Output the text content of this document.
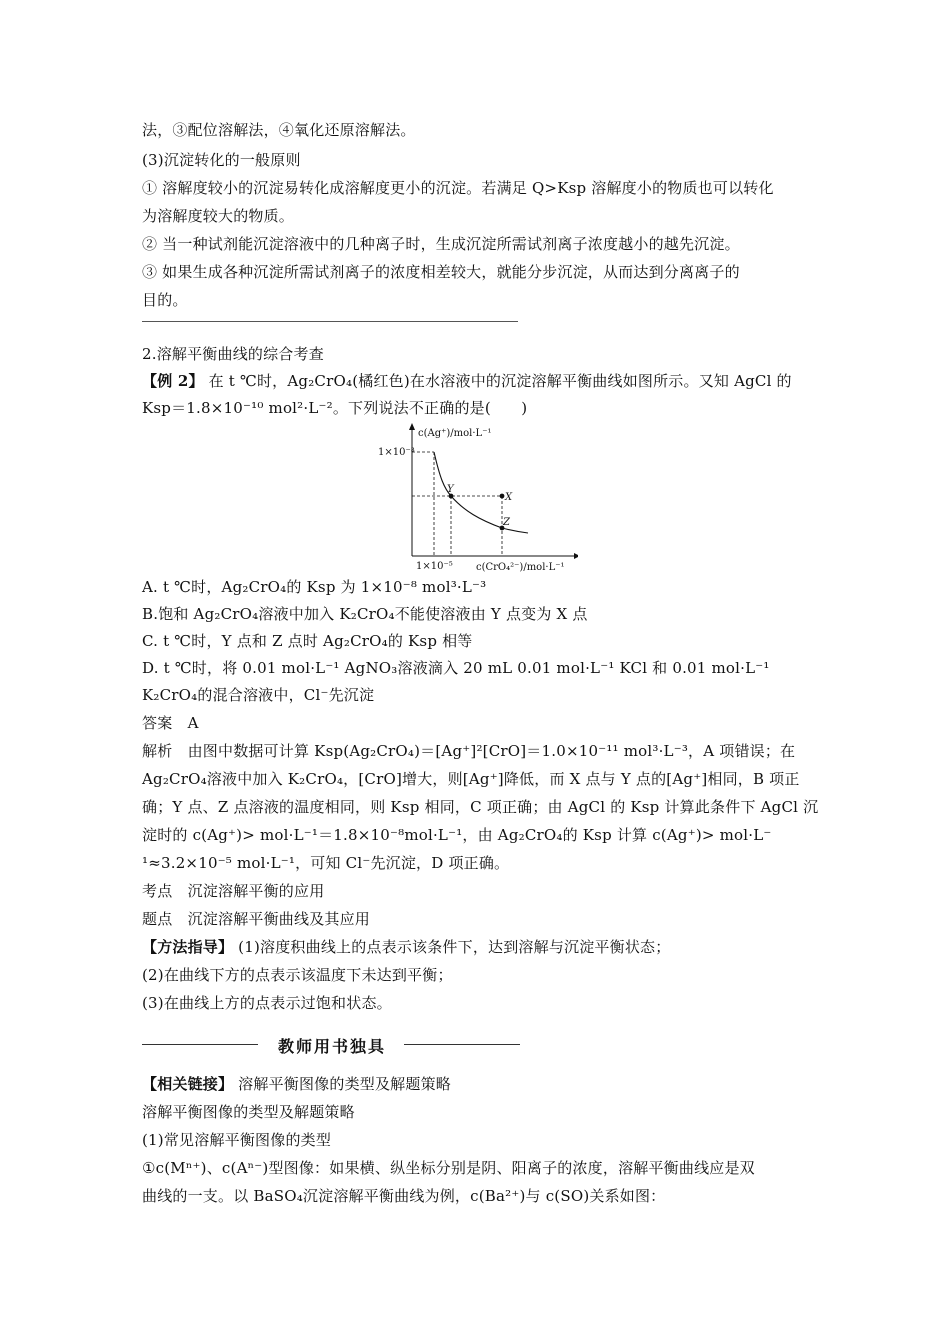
法，③配位溶解法，④氧化还原溶解法。
(3)沉淀转化的一般原则
① 溶解度较小的沉淀易转化成溶解度更小的沉淀。若满足 Q>Ksp 溶解度小的物质也可以转化
为溶解度较大的物质。
② 当一种试剂能沉淀溶液中的几种离子时，生成沉淀所需试剂离子浓度越小的越先沉淀。
③ 如果生成各种沉淀所需试剂离子的浓度相差较大，就能分步沉淀，从而达到分离离子的
目的。
2.溶解平衡曲线的综合考查
【例 2】 在 t ℃时，Ag₂CrO₄(橘红色)在水溶液中的沉淀溶解平衡曲线如图所示。又知 AgCl 的
Ksp＝1.8×10⁻¹⁰ mol²·L⁻²。下列说法不正确的是(　　)
c(Ag⁺)/mol·L⁻¹
1×10⁻³
1×10⁻⁵ c(CrO₄²⁻)/mol·L⁻¹
Y
X
Z
A. t ℃时，Ag₂CrO₄的 Ksp 为 1×10⁻⁸ mol³·L⁻³
B.饱和 Ag₂CrO₄溶液中加入 K₂CrO₄不能使溶液由 Y 点变为 X 点
C. t ℃时，Y 点和 Z 点时 Ag₂CrO₄的 Ksp 相等
D. t ℃时，将 0.01 mol·L⁻¹ AgNO₃溶液滴入 20 mL 0.01 mol·L⁻¹ KCl 和 0.01 mol·L⁻¹
K₂CrO₄的混合溶液中，Cl⁻先沉淀
答案　A
解析　由图中数据可计算 Ksp(Ag₂CrO₄)＝[Ag⁺]²[CrO]＝1.0×10⁻¹¹ mol³·L⁻³，A 项错误；在
Ag₂CrO₄溶液中加入 K₂CrO₄，[CrO]增大，则[Ag⁺]降低，而 X 点与 Y 点的[Ag⁺]相同，B 项正
确；Y 点、Z 点溶液的温度相同，则 Ksp 相同，C 项正确；由 AgCl 的 Ksp 计算此条件下 AgCl 沉
淀时的 c(Ag⁺)> mol·L⁻¹＝1.8×10⁻⁸mol·L⁻¹，由 Ag₂CrO₄的 Ksp 计算 c(Ag⁺)> mol·L⁻
¹≈3.2×10⁻⁵ mol·L⁻¹，可知 Cl⁻先沉淀，D 项正确。
考点　沉淀溶解平衡的应用
题点　沉淀溶解平衡曲线及其应用
【方法指导】 (1)溶度积曲线上的点表示该条件下，达到溶解与沉淀平衡状态；
(2)在曲线下方的点表示该温度下未达到平衡；
(3)在曲线上方的点表示过饱和状态。
教师用书独具
【相关链接】 溶解平衡图像的类型及解题策略
溶解平衡图像的类型及解题策略
(1)常见溶解平衡图像的类型
①c(Mⁿ⁺)、c(Aⁿ⁻)型图像：如果横、纵坐标分别是阴、阳离子的浓度，溶解平衡曲线应是双
曲线的一支。以 BaSO₄沉淀溶解平衡曲线为例，c(Ba²⁺)与 c(SO)关系如图：
